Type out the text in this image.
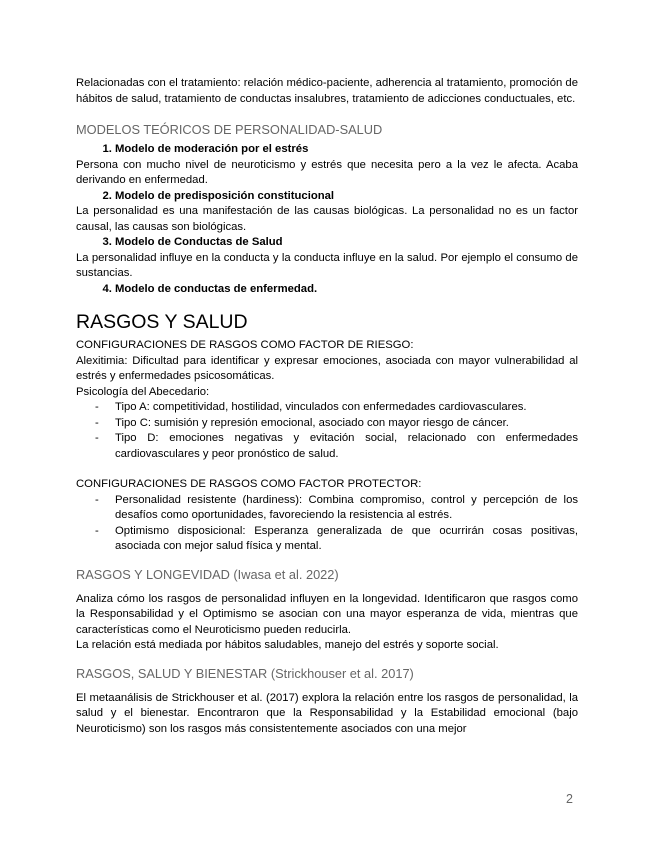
Relacionadas con el tratamiento: relación médico-paciente, adherencia al tratamiento, promoción de hábitos de salud, tratamiento de conductas insalubres, tratamiento de adicciones conductuales, etc.

MODELOS TEÓRICOS DE PERSONALIDAD-SALUD
1. Modelo de moderación por el estrés

Persona con mucho nivel de neuroticismo y estrés que necesita pero a la vez le afecta. Acaba derivando en enfermedad.

2. Modelo de predisposición constitucional

La personalidad es una manifestación de las causas biológicas. La personalidad no es un factor causal, las causas son biológicas.

3. Modelo de Conductas de Salud

La personalidad influye en la conducta y la conducta influye en la salud. Por ejemplo el consumo de sustancias.

4. Modelo de conductas de enfermedad.
RASGOS Y SALUD
CONFIGURACIONES DE RASGOS COMO FACTOR DE RIESGO:

Alexitimia: Dificultad para identificar y expresar emociones, asociada con mayor vulnerabilidad al estrés y enfermedades psicosomáticas.

Psicología del Abecedario:

- Tipo A: competitividad, hostilidad, vinculados con enfermedades cardiovasculares.
- Tipo C: sumisión y represión emocional, asociado con mayor riesgo de cáncer.
- Tipo D: emociones negativas y evitación social, relacionado con enfermedades cardiovasculares y peor pronóstico de salud.
CONFIGURACIONES DE RASGOS COMO FACTOR PROTECTOR:
- Personalidad resistente (hardiness): Combina compromiso, control y percepción de los desafíos como oportunidades, favoreciendo la resistencia al estrés.
- Optimismo disposicional: Esperanza generalizada de que ocurrirán cosas positivas, asociada con mejor salud física y mental.
RASGOS Y LONGEVIDAD (Iwasa et al. 2022)

Analiza cómo los rasgos de personalidad influyen en la longevidad. Identificaron que rasgos como la Responsabilidad y el Optimismo se asocian con una mayor esperanza de vida, mientras que características como el Neuroticismo pueden reducirla.

La relación está mediada por hábitos saludables, manejo del estrés y soporte social.

RASGOS, SALUD Y BIENESTAR (Strickhouser et al. 2017)

El metaanálisis de Strickhouser et al. (2017) explora la relación entre los rasgos de personalidad, la salud y el bienestar. Encontraron que la Responsabilidad y la Estabilidad emocional (bajo Neuroticismo) son los rasgos más consistentemente asociados con una mejor

2
